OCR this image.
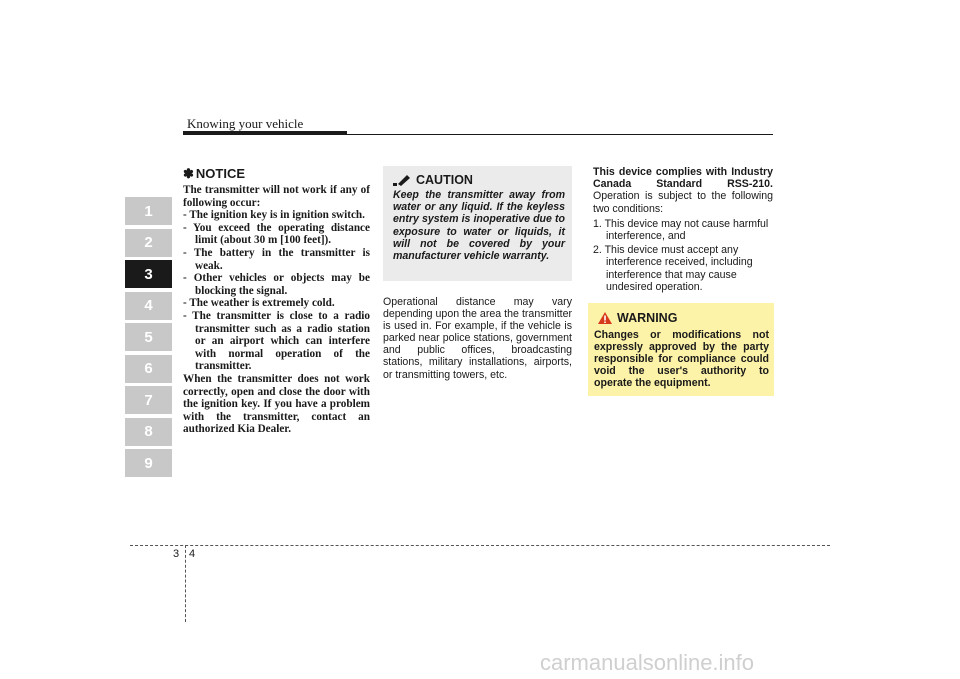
Knowing your vehicle
1
2
3
4
5
6
7
8
9
✽ NOTICE
The transmitter will not work if any of following occur:
- The ignition key is in ignition switch.
- You exceed the operating distance limit (about 30 m [100 feet]).
- The battery in the transmitter is weak.
- Other vehicles or objects may be blocking the signal.
- The weather is extremely cold.
- The transmitter is close to a radio transmitter such as a radio station or an airport which can interfere with normal operation of the transmitter.
When the transmitter does not work correctly, open and close the door with the ignition key. If you have a problem with the transmitter, contact an authorized Kia Dealer.
CAUTION
Keep the transmitter away from water or any liquid. If the keyless entry system is inoperative due to exposure to water or liquids, it will not be covered by your manufacturer vehicle warranty.
Operational distance may vary depending upon the area the transmitter is used in. For example, if the vehicle is parked near police stations, government and public offices, broadcasting stations, military installations, airports, or transmitting towers, etc.
This device complies with Industry Canada Standard RSS-210. Operation is subject to the following two conditions:
1. This device may not cause harmful interference, and
2. This device must accept any interference received, including interference that may cause undesired operation.
WARNING
Changes or modifications not expressly approved by the party responsible for compliance could void the user's authority to operate the equipment.
3 4
carmanualsonline.info
